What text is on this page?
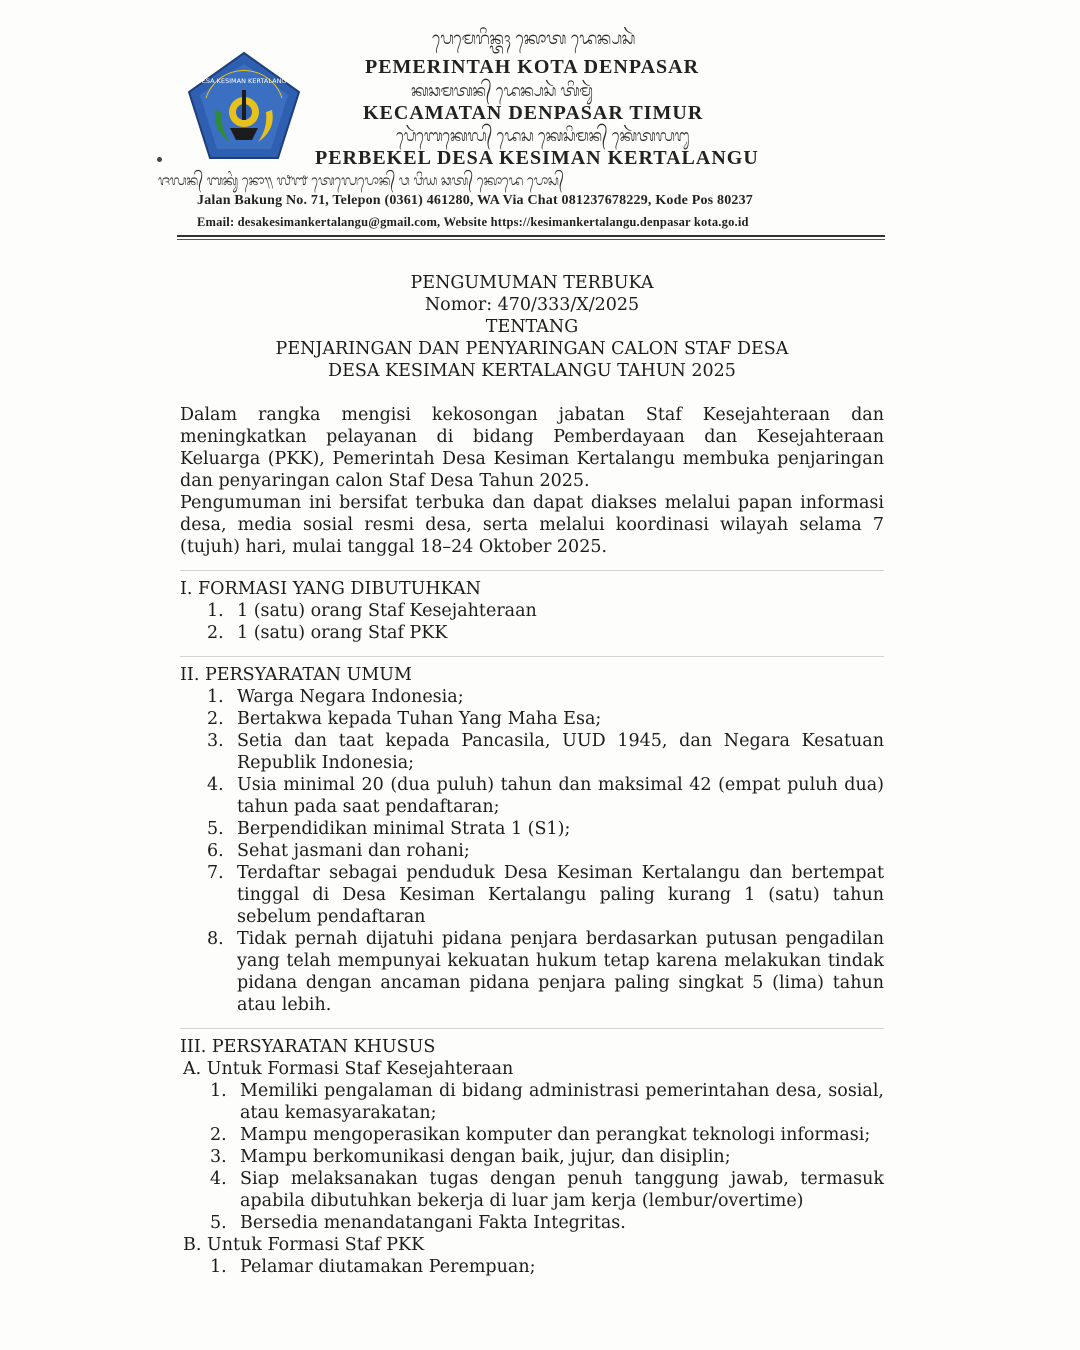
DESA KESIMAN KERTALANGU
ᬧᬾᬫᬾᬭᬶᬦ᭄ᬢᬄ ᬓᭀᬢ ᬤᬾᬦ᭄ᬧᬲᬃ
PEMERINTAH KOTA DENPASAR
ᬓᬘᬫᬢᬦ᭄ ᬤᬾᬦ᭄ᬧᬲᬃ ᬢᬶᬫᬸᬃ
KECAMATAN DENPASAR TIMUR
ᬧᬾᬃᬩᬾᬓᬾᬮ᭄ ᬤᬾᬲ ᬓᬾᬲᬶᬫᬦ᭄ ᬓᬾᬃᬢᬮᬗᬸ
PERBEKEL DESA KESIMAN KERTALANGU
ᬚᬮᬦ᭄ ᬩᬓᬸᬂ ᬦᭀ᭟ ᭗᭑ ᬢᬾᬮᬾᬧᭀᬦ᭄ ᬯ ᬯᬶᬬ ᬘᬢ᭄ ᬓᭀᬤᬾ ᬧᭀᬲ᭄
Jalan Bakung No. 71, Telepon (0361) 461280, WA Via Chat 081237678229, Kode Pos 80237
Email: desakesimankertalangu@gmail.com, Website https://kesimankertalangu.denpasar kota.go.id
PENGUMUMAN TERBUKA
Nomor: 470/333/X/2025
TENTANG
PENJARINGAN DAN PENYARINGAN CALON STAF DESA
DESA KESIMAN KERTALANGU TAHUN 2025

Dalam rangka mengisi kekosongan jabatan Staf Kesejahteraan dan meningkatkan pelayanan di bidang Pemberdayaan dan Kesejahteraan Keluarga (PKK), Pemerintah Desa Kesiman Kertalangu membuka penjaringan dan penyaringan calon Staf Desa Tahun 2025.

Pengumuman ini bersifat terbuka dan dapat diakses melalui papan informasi desa, media sosial resmi desa, serta melalui koordinasi wilayah selama 7 (tujuh) hari, mulai tanggal 18–24 Oktober 2025.

I. FORMASI YANG DIBUTUHKAN
1. 1 (satu) orang Staf Kesejahteraan
2. 1 (satu) orang Staf PKK
II. PERSYARATAN UMUM
1. Warga Negara Indonesia;
2. Bertakwa kepada Tuhan Yang Maha Esa;
3. Setia dan taat kepada Pancasila, UUD 1945, dan Negara Kesatuan Republik Indonesia;
4. Usia minimal 20 (dua puluh) tahun dan maksimal 42 (empat puluh dua) tahun pada saat pendaftaran;
5. Berpendidikan minimal Strata 1 (S1);
6. Sehat jasmani dan rohani;
7. Terdaftar sebagai penduduk Desa Kesiman Kertalangu dan bertempat tinggal di Desa Kesiman Kertalangu paling kurang 1 (satu) tahun sebelum pendaftaran
8. Tidak pernah dijatuhi pidana penjara berdasarkan putusan pengadilan yang telah mempunyai kekuatan hukum tetap karena melakukan tindak pidana dengan ancaman pidana penjara paling singkat 5 (lima) tahun atau lebih.
III. PERSYARATAN KHUSUS
A. Untuk Formasi Staf Kesejahteraan
1. Memiliki pengalaman di bidang administrasi pemerintahan desa, sosial, atau kemasyarakatan;
2. Mampu mengoperasikan komputer dan perangkat teknologi informasi;
3. Mampu berkomunikasi dengan baik, jujur, dan disiplin;
4. Siap melaksanakan tugas dengan penuh tanggung jawab, termasuk apabila dibutuhkan bekerja di luar jam kerja (lembur/overtime)
5. Bersedia menandatangani Fakta Integritas.
B. Untuk Formasi Staf PKK
1. Pelamar diutamakan Perempuan;
